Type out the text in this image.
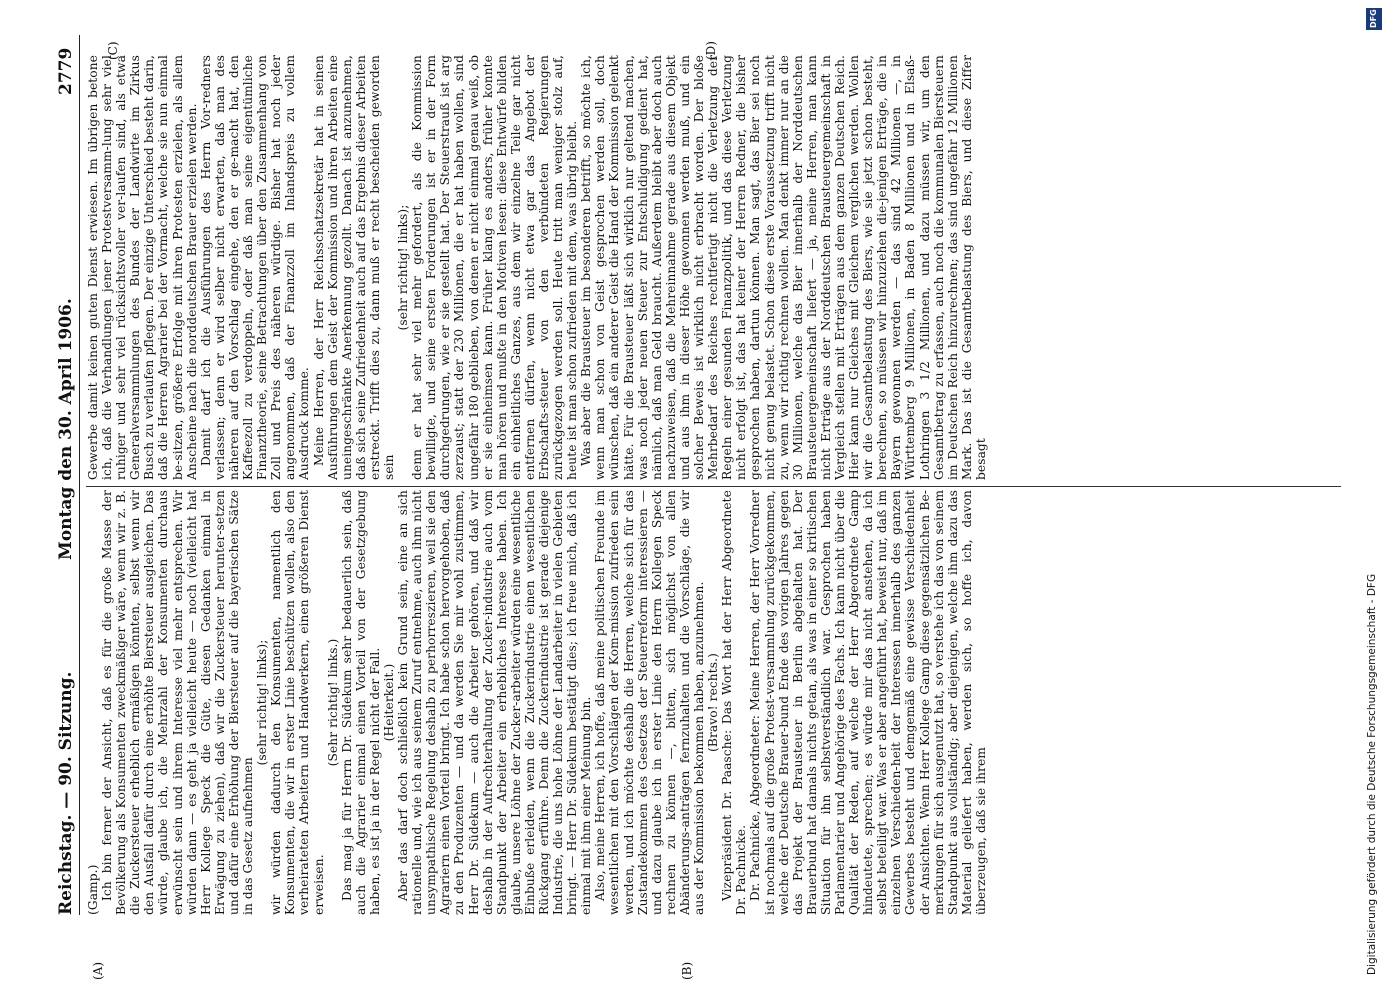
Reichstag. — 90. Sitzung.
Montag den 30. April 1906.
2779
(A)	(B)
(C)	(D)

(Gamp.) Ich bin ferner der Ansicht, daß es für die große Masse der Bevölkerung als Konsumenten zweckmäßiger wäre, wenn wir z. B. die Zuckersteuer erheblich ermäßigen könnten, selbst wenn wir den Ausfall dafür durch eine erhöhte Biersteuer ausgleichen. Das würde, glaube ich, die Mehrzahl der Konsumenten durchaus erwünscht sein und ihrem Interesse viel mehr entsprechen. Wir würden dann — es geht ja vielleicht heute — noch (vielleicht hat Herr Kollege Speck die Güte, diesen Gedanken einmal in Erwägung zu ziehen), daß wir die Zuckersteuer herunter-setzen und dafür eine Erhöhung der Biersteuer auf die bayerischen Sätze in das Gesetz aufnehmen

(sehr richtig! links); wir würden dadurch den Konsumenten, namentlich den Konsumenten, die wir in erster Linie beschützen wollen, also den verheirateten Arbeitern und Handwerkern, einen größeren Dienst erweisen.

(Sehr richtig! links.) Das mag ja für Herrn Dr. Südekum sehr bedauerlich sein, daß auch die Agrarier einmal einen Vorteil von der Gesetzgebung haben, es ist ja in der Regel nicht der Fall. (Heiterkeit.) Aber das darf doch schließlich kein Grund sein, eine an sich rationelle und, wie ich aus seinem Zuruf entnehme, auch ihm nicht unsympathische Regelung deshalb zu perhorreszieren, weil sie den Agrariern einen Vorteil bringt. Ich habe schon hervorgehoben, daß zu den Produzenten — und da werden Sie mir wohl zustimmen, Herr Dr. Südekum — auch die Arbeiter gehören, und daß wir deshalb in der Aufrechterhaltung der Zucker-industrie auch vom Standpunkt der Arbeiter ein erhebliches Interesse haben. Ich glaube, unsere Löhne der Zucker-arbeiter würden eine wesentliche Einbuße erleiden, wenn die Zuckerindustrie einen wesentlichen Rückgang erführe. Denn die Zuckerindustrie ist gerade diejenige Industrie, die uns hohe Löhne der Landarbeiter in vielen Gebieten bringt. — Herr Dr. Südekum bestätigt dies; ich freue mich, daß ich einmal mit ihm einer Meinung bin. Also, meine Herren, ich hoffe, daß meine politischen Freunde im wesentlichen mit den Vorschlägen der Kom-mission zufrieden sein werden, und ich möchte deshalb die Herren, welche sich für das Zustandekommen des Gesetzes der Steuerreform interessieren — und dazu glaube ich in erster Linie den Herrn Kollegen Speck rechnen zu können —, bitten, sich möglichst von allen Abänderungs-anträgen fernzuhalten und die Vorschläge, die wir aus der Kommission bekommen haben, anzunehmen. (Bravo! rechts.) Vizepräsident Dr. Paasche: Das Wort hat der Herr Abgeordnete Dr. Pachnicke. Dr. Pachnicke, Abgeordneter: Meine Herren, der Herr Vorredner ist nochmals auf die große Protest-versammlung zurückgekommen, welche der Deutsche Brauer-bund Ende des vorigen Jahres gegen das Projekt der Brausteuer in Berlin abgehalten hat. Der Brauerbund hat damals nichts getan, als was in einer so kritischen Situation für ihn selbstverständlich war. Gesprochen haben Parlamentarier und Angehörige des Fachs. Ich kann nicht über die Qualität der Reden, auf welche der Herr Abgeordnete Gamp hindeutete, sprechen; es würde mir das nicht anstehen, da ich selbst beteiligt war. Was er aber angeführt hat, beweist nur, daß im einzelnen Verschieden-heit der Interessen innerhalb des ganzen Gewerbes besteht und demgemäß eine gewisse Verschiedenheit der Ansichten. Wenn Herr Kollege Gamp diese gegensätzlichen Be-merkungen für sich ausgenutzt hat, so verstehe ich das von seinem Standpunkt aus vollständig; aber diejenigen, welche ihm dazu das Material geliefert haben, werden sich, so hoffe ich, davon überzeugen, daß sie ihrem

Gewerbe damit keinen guten Dienst erwiesen. Im übrigen betone ich, daß die Verhandlungen jener Protestversamm-lung sehr viel ruhiger und sehr viel rücksichtsvoller ver-laufen sind, als etwa Generalversammlungen des Bundes der Landwirte im Zirkus Busch zu verlaufen pflegen. Der einzige Unterschied besteht darin, daß die Herren Agrarier bei der Vormacht, welche sie nun einmal be-sitzen, größere Erfolge mit ihren Protesten erzielen, als allem Anscheine nach die norddeutschen Brauer erzielen werden. Damit darf ich die Ausführungen des Herrn Vor-redners verlassen; denn er wird selber nicht erwarten, daß man des näheren auf den Vorschlag eingehe, den er ge-macht hat, den Kaffeezoll zu verdoppeln, oder daß man seine eigentümliche Finanztheorie, seine Betrachtungen über den Zusammenhang von Zoll und Preis des näheren würdige. Bisher hat noch jeder angenommen, daß der Finanzzoll im Inlandspreis zu vollem Ausdruck komme. Meine Herren, der Herr Reichsschatzsekretär hat in seinen Ausführungen dem Geist der Kommission und ihren Arbeiten eine uneingeschränkte Anerkennung gezollt. Danach ist anzunehmen, daß sich seine Zufriedenheit auch auf das Ergebnis dieser Arbeiten erstreckt. Trifft dies zu, dann muß er recht bescheiden geworden sein

(sehr richtig! links); denn er hat sehr viel mehr gefordert, als die Kommission bewilligte, und seine ersten Forderungen ist er in der Form durchgedrungen, wie er sie gestellt hat. Der Steuerstrauß ist arg zerzaust; statt der 230 Millionen, die er hat haben wollen, sind ungefähr 180 geblieben, von denen er nicht einmal genau weiß, ob er sie einheimsen kann. Früher klang es anders, früher konnte man hören und mußte in den Motiven lesen: diese Entwürfe bilden ein einheitliches Ganzes, aus dem wir einzelne Teile gar nicht entfernen dürfen, wenn nicht etwa gar das Angebot der Erbschafts-steuer von den verbündeten Regierungen zurückgezogen werden soll. Heute tritt man weniger stolz auf, heute ist man schon zufrieden mit dem, was übrig bleibt. Was aber die Brausteuer im besonderen betrifft, so möchte ich, wenn man schon von Geist gesprochen werden soll, doch wünschen, daß ein anderer Geist die Hand der Kommission gelenkt hätte. Für die Brausteuer läßt sich wirklich nur geltend machen, was noch jeder neuen Steuer zur Entschuldigung gedient hat, nämlich, daß man Geld braucht. Außerdem bleibt aber doch auch nachzuweisen, daß die Mehreinnahme gerade aus diesem Objekt und aus ihm in dieser Höhe gewonnen werden muß, und ein solcher Beweis ist wirklich nicht erbracht worden. Der bloße Mehrbedarf des Reiches rechtfertigt nicht die Verletzung der Regeln einer gesunden Finanzpolitik, und das diese Verletzung nicht erfolgt ist, das hat keiner der Herren Redner, die bisher gesprochen haben, dartun können. Man sagt, das Bier sei noch nicht genug belastet. Schon diese erste Voraussetzung trifft nicht zu, wenn wir richtig rechnen wollen. Man denkt immer nur an die 30 Millionen, welche das Bier innerhalb der Norddeutschen Brausteuergemeinschaft liefert — ja, meine Herren, man kann nicht Erträge aus der Norddeutschen Brausteuergemeinschaft in Vergleich stellen mit Erträgen aus dem ganzen Deutschen Reich. Hier kann nur Gleiches mit Gleichem verglichen werden. Wollen wir die Gesamtbelastung des Biers, wie sie jetzt schon besteht, berechnen, so müssen wir hinzuziehen die-jenigen Erträge, die in Bayern gewonnen werden — das sind 42 Millionen —, in Württemberg 9 Millionen, in Baden 8 Millionen und in Elsaß-Lothringen 3 1/2 Millionen, und dazu müssen wir, um den Gesamtbetrag zu erfassen, auch noch die kommunalen Biersteuern im Deutschen Reich hinzurechnen; das sind ungefähr 12 Millionen Mark. Das ist die Gesamtbelastung des Biers, und diese Ziffer besagt

Digitalisierung gefördert durch die Deutsche Forschungsgemeinschaft - DFG
DFG
